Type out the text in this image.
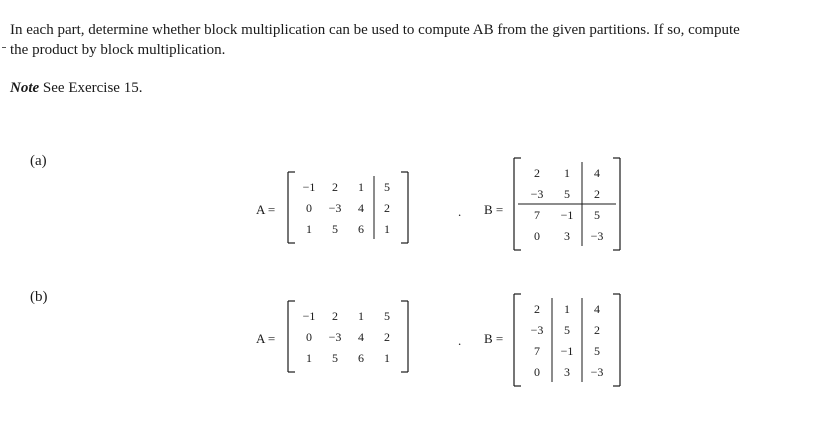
In each part, determine whether block multiplication can be used to compute AB from the given partitions. If so, compute
the product by block multiplication.
Note See Exercise 15.
(a)
A =
−1	2	1	5
0	−3	4	2
1	5	6	1
. B =
2	1	4
−3	5	2
7	−1	5
0	3	−3
(b)
A =
−1	2	1	5
0	−3	4	2
1	5	6	1
. B =
2	1	4
−3	5	2
7	−1	5
0	3	−3
